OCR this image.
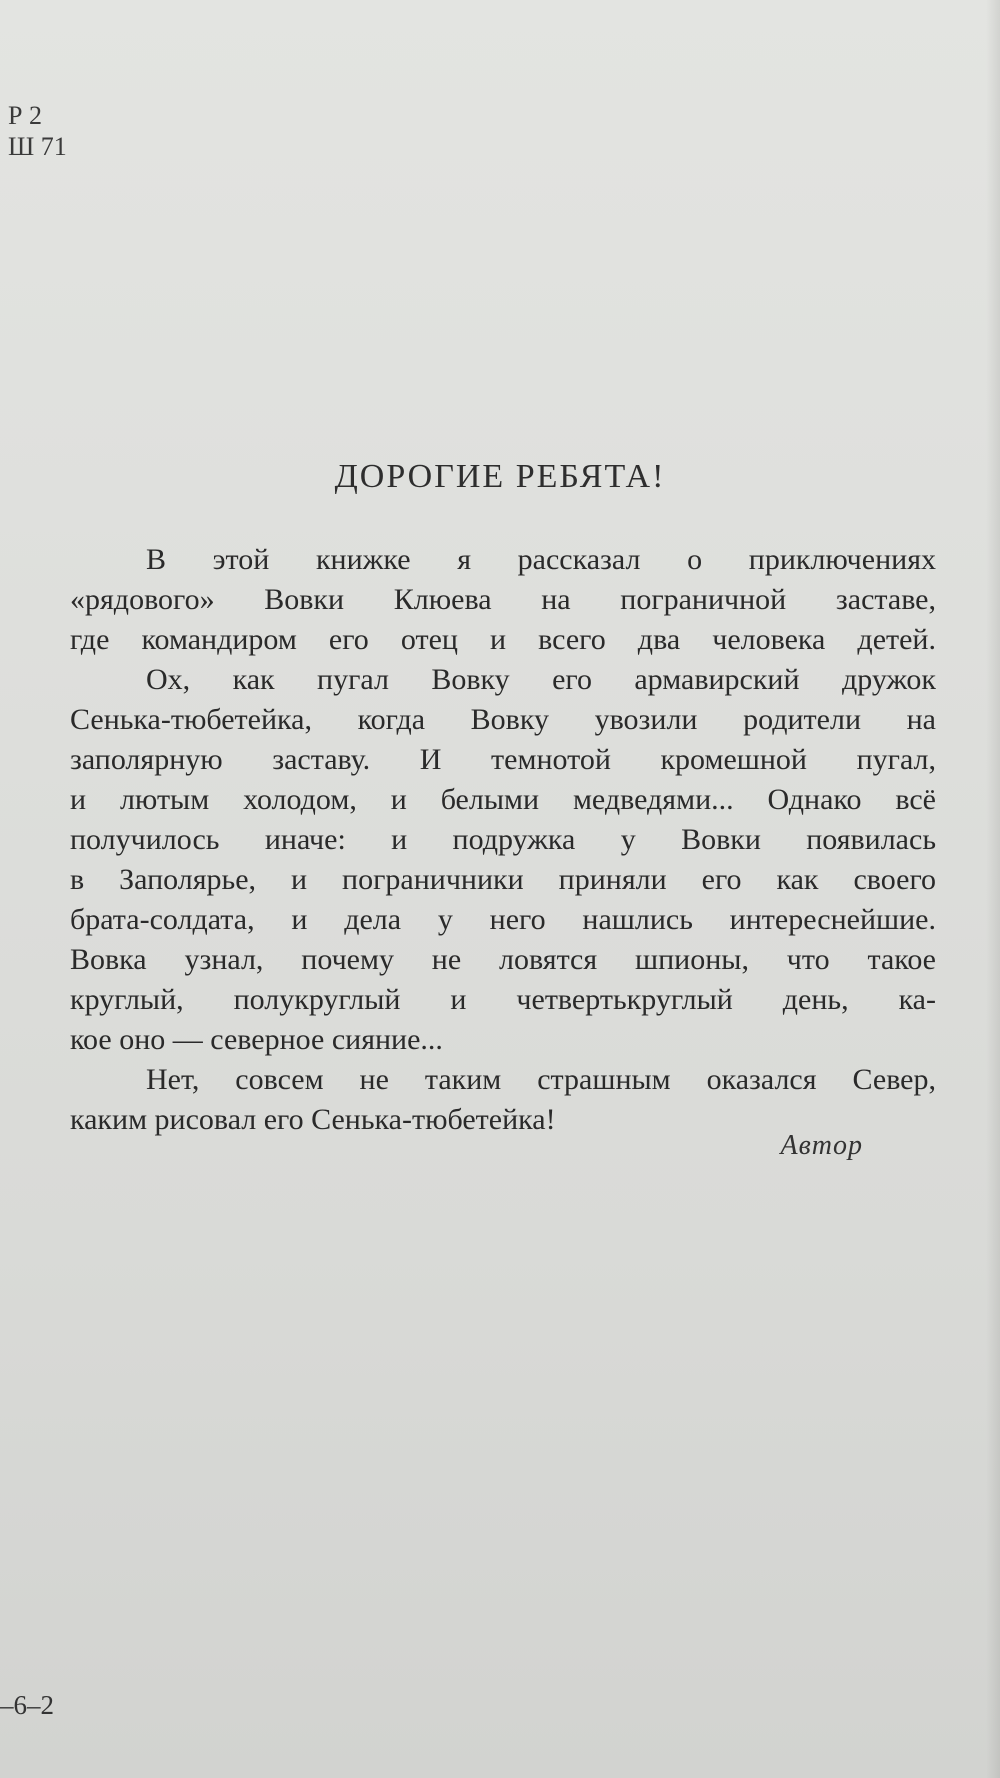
Р 2
Ш 71
ДОРОГИЕ РЕБЯТА!

В этой книжке я рассказал о приключениях
«рядового» Вовки Клюева на пограничной заставе,
где командиром его отец и всего два человека детей.

Ох, как пугал Вовку его армавирский дружок
Сенька-тюбетейка, когда Вовку увозили родители на
заполярную заставу. И темнотой кромешной пугал,
и лютым холодом, и белыми медведями... Однако всё
получилось иначе: и подружка у Вовки появилась
в Заполярье, и пограничники приняли его как своего
брата-солдата, и дела у него нашлись интереснейшие.
Вовка узнал, почему не ловятся шпионы, что такое
круглый, полукруглый и четвертькруглый день, ка-
кое оно — северное сияние...

Нет, совсем не таким страшным оказался Север,
каким рисовал его Сенька-тюбетейка!

Автор
–6–2
